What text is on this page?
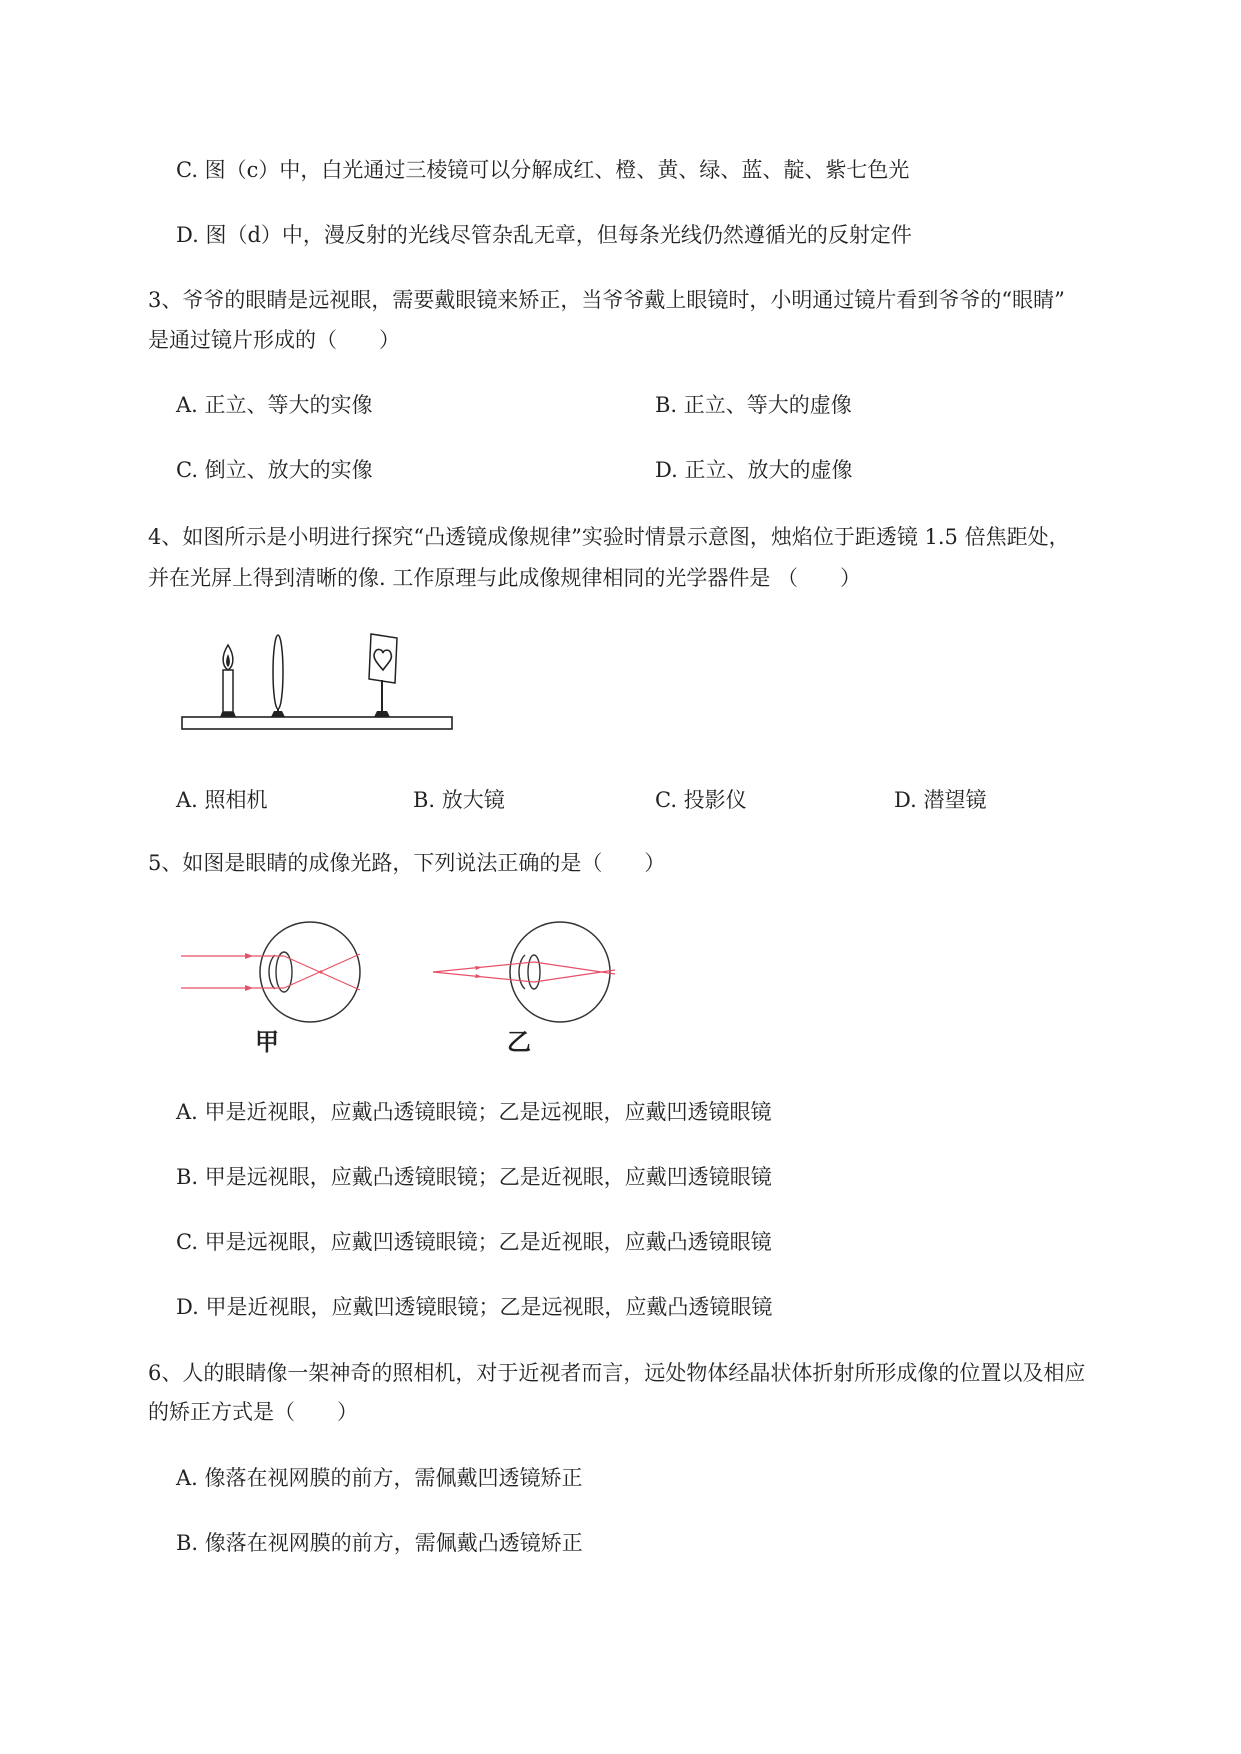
C. 图（c）中，白光通过三棱镜可以分解成红、橙、黄、绿、蓝、靛、紫七色光
D. 图（d）中，漫反射的光线尽管杂乱无章，但每条光线仍然遵循光的反射定件
3、爷爷的眼睛是远视眼，需要戴眼镜来矫正，当爷爷戴上眼镜时，小明通过镜片看到爷爷的“眼睛”
是通过镜片形成的（　　）
A. 正立、等大的实像	B. 正立、等大的虚像
C. 倒立、放大的实像	D. 正立、放大的虚像
4、如图所示是小明进行探究“凸透镜成像规律”实验时情景示意图，烛焰位于距透镜 1.5 倍焦距处，
并在光屏上得到清晰的像. 工作原理与此成像规律相同的光学器件是 （　　）
A. 照相机	B. 放大镜	C. 投影仪	D. 潜望镜
5、如图是眼睛的成像光路，下列说法正确的是（　　）
甲	乙
A. 甲是近视眼，应戴凸透镜眼镜；乙是远视眼，应戴凹透镜眼镜
B. 甲是远视眼，应戴凸透镜眼镜；乙是近视眼，应戴凹透镜眼镜
C. 甲是远视眼，应戴凹透镜眼镜；乙是近视眼，应戴凸透镜眼镜
D. 甲是近视眼，应戴凹透镜眼镜；乙是远视眼，应戴凸透镜眼镜
6、人的眼睛像一架神奇的照相机，对于近视者而言，远处物体经晶状体折射所形成像的位置以及相应
的矫正方式是（　　）
A. 像落在视网膜的前方，需佩戴凹透镜矫正
B. 像落在视网膜的前方，需佩戴凸透镜矫正
